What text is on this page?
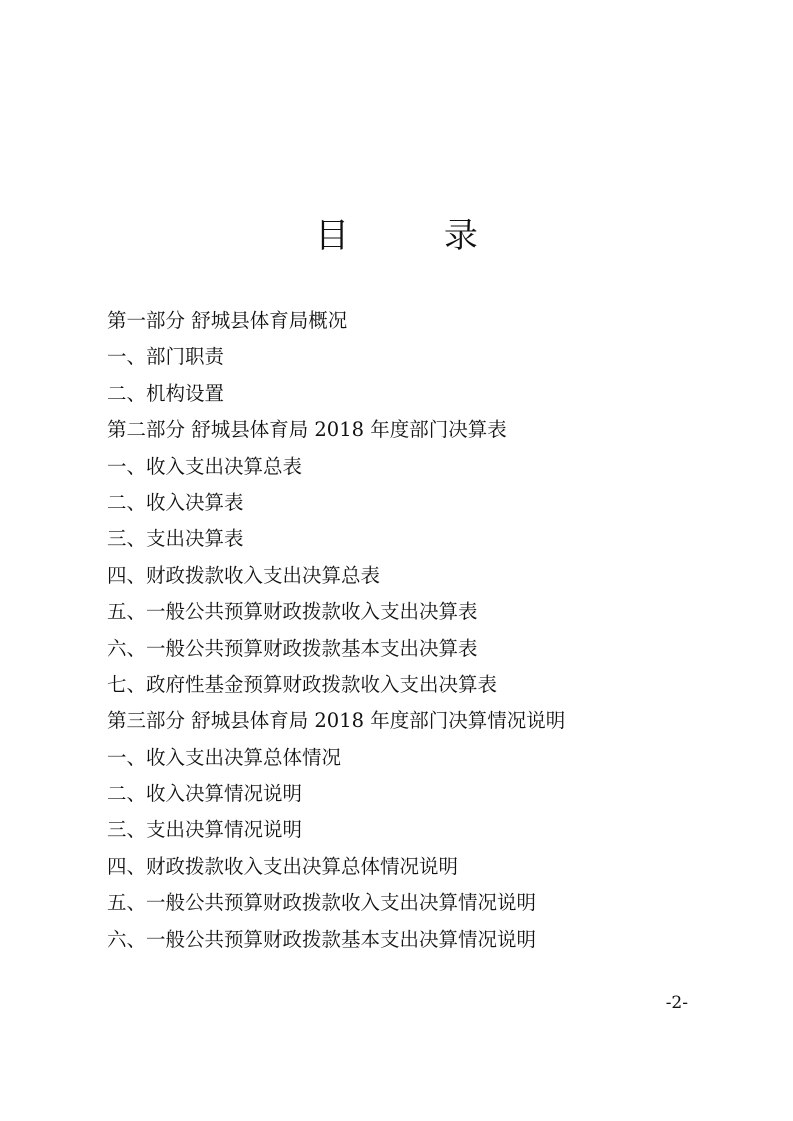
目 录
第一部分 舒城县体育局概况
一、部门职责
二、机构设置
第二部分 舒城县体育局 2018 年度部门决算表
一、收入支出决算总表
二、收入决算表
三、支出决算表
四、财政拨款收入支出决算总表
五、一般公共预算财政拨款收入支出决算表
六、一般公共预算财政拨款基本支出决算表
七、政府性基金预算财政拨款收入支出决算表
第三部分 舒城县体育局 2018 年度部门决算情况说明
一、收入支出决算总体情况
二、收入决算情况说明
三、支出决算情况说明
四、财政拨款收入支出决算总体情况说明
五、一般公共预算财政拨款收入支出决算情况说明
六、一般公共预算财政拨款基本支出决算情况说明
-2-
